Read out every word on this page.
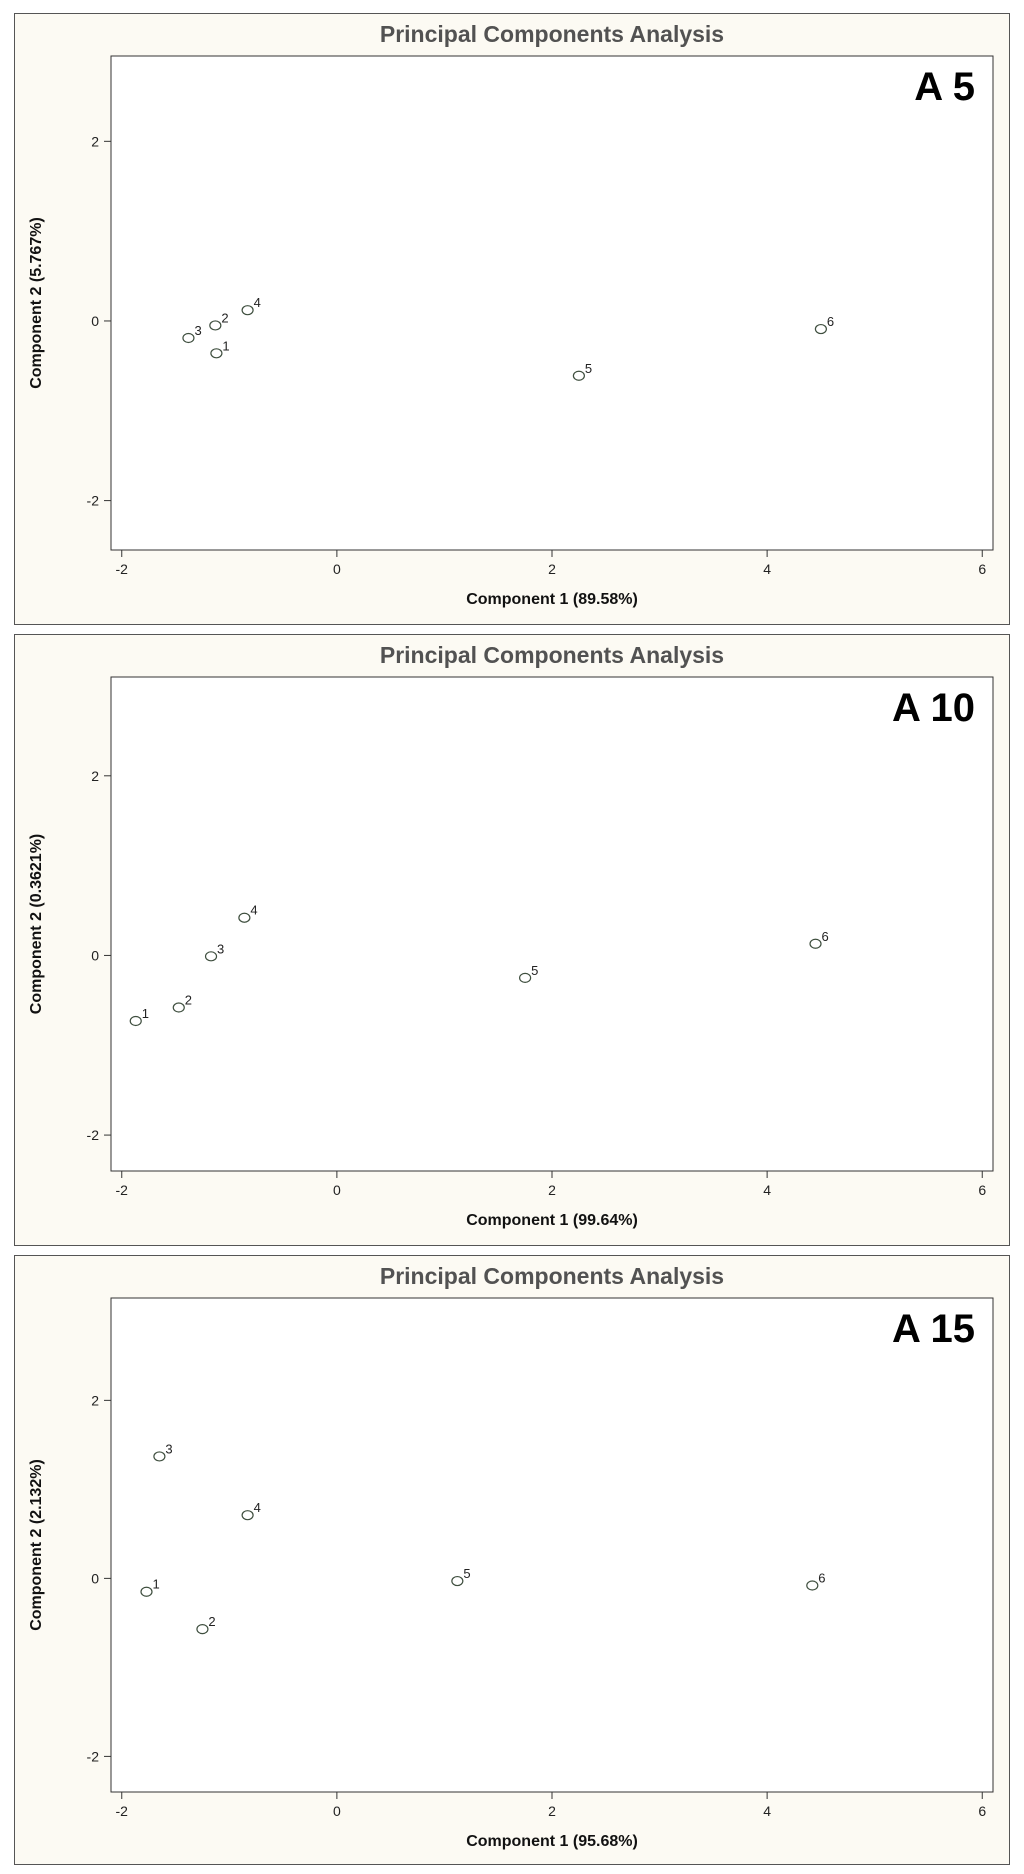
Principal Components Analysis
A 5
-2	0	2	4	6
-2
0
2
Component 1 (89.58%)
Component 2 (5.767%)	1
2
3
4
5
6
Principal Components Analysis
A 10
-2	0	2	4	6
-2
0
2
Component 1 (99.64%)
Component 2 (0.3621%)	1
2
3
4
5
6
Principal Components Analysis
A 15
-2	0	2	4	6
-2
0
2
Component 1 (95.68%)
Component 2 (2.132%)	1
2
3
4
5	6
